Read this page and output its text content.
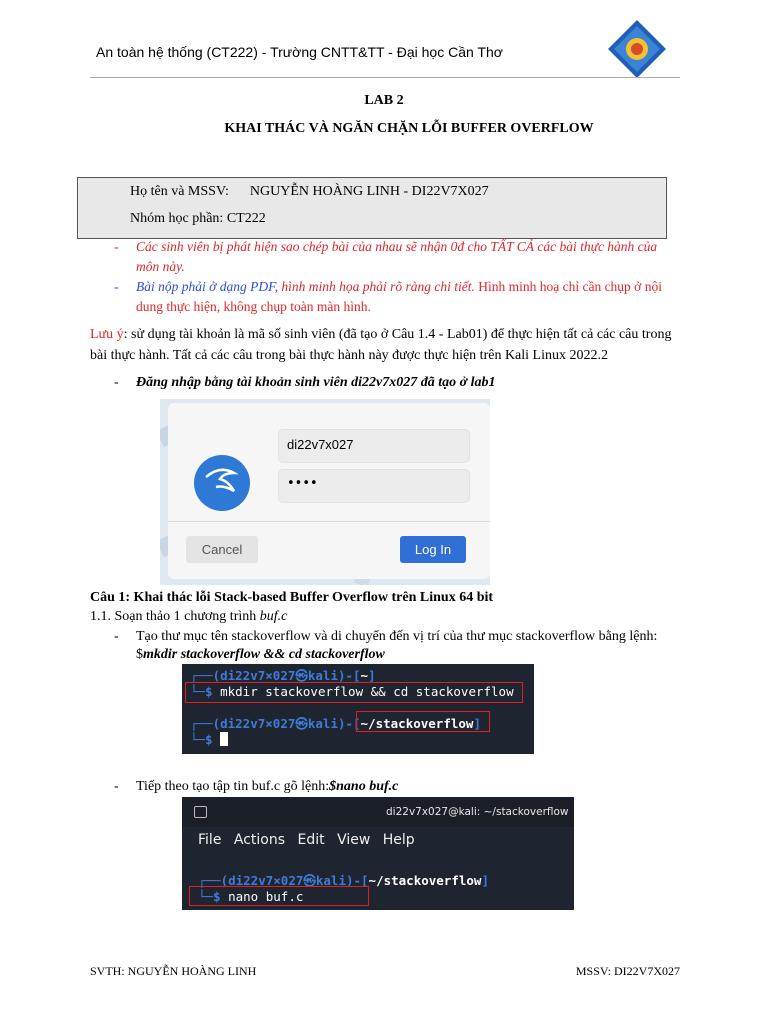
An toàn hệ thống (CT222) - Trường CNTT&TT - Đại học Cần Thơ
LAB 2
KHAI THÁC VÀ NGĂN CHẶN LỖI BUFFER OVERFLOW
Họ tên và MSSV: NGUYỄN HOÀNG LINH - DI22V7X027
Nhóm học phần: CT222
- Các sinh viên bị phát hiện sao chép bài của nhau sẽ nhận 0đ cho TẤT CẢ các bài thực hành của
môn này.
- Bài nộp phải ở dạng PDF, hình minh họa phải rõ ràng chi tiết. Hình minh hoạ chỉ cần chụp ở nội
dung thực hiện, không chụp toàn màn hình.
Lưu ý: sử dụng tài khoản là mã số sinh viên (đã tạo ở Câu 1.4 - Lab01) để thực hiện tất cả các câu trong
bài thực hành. Tất cả các câu trong bài thực hành này được thực hiện trên Kali Linux 2022.2
- Đăng nhập bằng tài khoản sinh viên di22v7x027 đã tạo ở lab1
di22v7x027
••••
Cancel	Log In
Câu 1: Khai thác lỗi Stack-based Buffer Overflow trên Linux 64 bit
1.1. Soạn thảo 1 chương trình buf.c
- Tạo thư mục tên stackoverflow và di chuyển đến vị trí của thư mục stackoverflow bằng lệnh:
$mkdir stackoverflow && cd stackoverflow
┌──(di22v7×027㉿kali)-[~]
└─$ mkdir stackoverflow && cd stackoverflow
┌──(di22v7×027㉿kali)-[~/stackoverflow]
└─$
- Tiếp theo tạo tập tin buf.c gõ lệnh:$nano buf.c
di22v7x027@kali: ~/stackoverflow
File Actions Edit View Help
┌──(di22v7×027㉿kali)-[~/stackoverflow]
└─$ nano buf.c
SVTH: NGUYỄN HOÀNG LINH	MSSV: DI22V7X027
